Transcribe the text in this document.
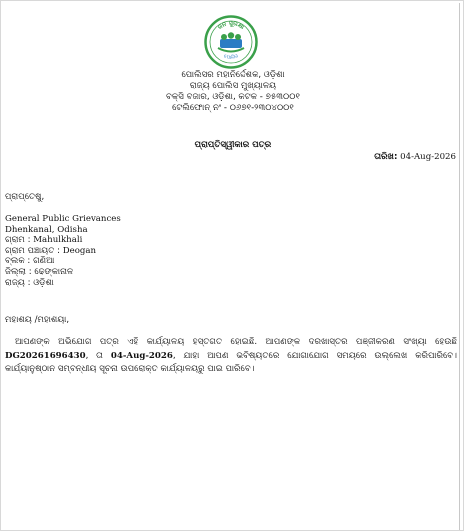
ଜନ ସୁରକ୍ଷା
ପୋଲିସ
ପୋଲିସର ମହାନିର୍ଦ୍ଦେଶକ, ଓଡ଼ିଶା
ରାଜ୍ୟ ପୋଲିସ ମୁଖ୍ୟାଳୟ
ବକ୍ସି ବଜାର, ଓଡ଼ିଶା, କଟକ - ୭୫୩୦୦୧
ଟେଲିଫୋନ୍ ନଂ - ୦୬୭୧-୨୩୦୪୦୦୧
ପ୍ରାପ୍ତିସ୍ୱୀକାର ପତ୍ର
ତାରିଖ: 04-Aug-2026
ପ୍ରାପ୍ତେଷୁ,
General Public Grievances
Dhenkanal, Odisha
ଗ୍ରାମ : Mahulkhali
ଗ୍ରାମ ପଞ୍ଚାୟତ : Deogan
ବ୍ଲକ : ଗଣିଆ
ଜିଲ୍ଲା : ଢେଙ୍କାନାଳ
ରାଜ୍ୟ : ଓଡ଼ିଶା
ମହାଶୟ /ମହାଶୟା,
ଆପଣଙ୍କ ଅଭିଯୋଗ ପତ୍ର ଏହି କାର୍ଯ୍ୟାଳୟ ହସ୍ତଗତ ହୋଇଛି. ଆପଣଙ୍କ ଦରଖାସ୍ତର ପଞ୍ଜୀକରଣ ସଂଖ୍ୟା ହେଉଛି DG20261696430, ତା 04-Aug-2026, ଯାହା ଆପଣ ଭବିଷ୍ୟତରେ ଯୋଗାଯୋଗ ସମୟରେ ଉଲ୍ଲେଖ କରିପାରିବେ। କାର୍ଯ୍ୟାନୁଷ୍ଠାନ ସମ୍ବନ୍ଧୀୟ ସୂଚନା ଉପରୋକ୍ତ କାର୍ଯ୍ୟାଳୟରୁ ପାଇ ପାରିବେ।
